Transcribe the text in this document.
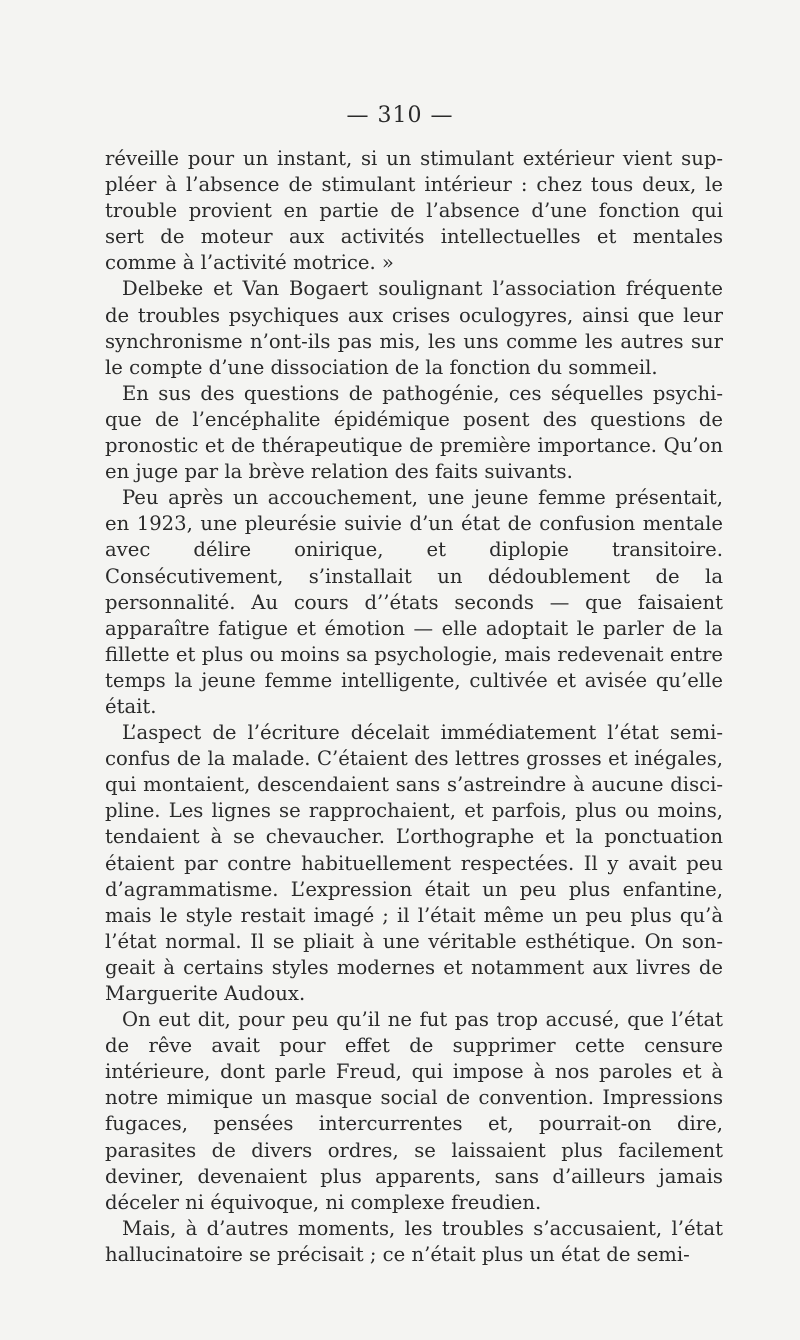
— 310 —

réveille pour un instant, si un stimulant extérieur vient suppléer à l’absence de stimulant intérieur : chez tous deux, le trouble provient en partie de l’absence d’une fonction qui sert de moteur aux activités intellectuelles et mentales comme à l’activité motrice. »

Delbeke et Van Bogaert soulignant l’association fréquente de troubles psychiques aux crises oculogyres, ainsi que leur synchronisme n’ont-ils pas mis, les uns comme les autres sur le compte d’une dissociation de la fonction du sommeil.

En sus des questions de pathogénie, ces séquelles psychique de l’encéphalite épidémique posent des questions de pronostic et de thérapeutique de première importance. Qu’on en juge par la brève relation des faits suivants.

Peu après un accouchement, une jeune femme présentait, en 1923, une pleurésie suivie d’un état de confusion mentale avec délire onirique, et diplopie transitoire. Consécutivement, s’installait un dédoublement de la personnalité. Au cours d’’états seconds — que faisaient apparaître fatigue et émotion — elle adoptait le parler de la fillette et plus ou moins sa psychologie, mais redevenait entre temps la jeune femme intelligente, cultivée et avisée qu’elle était.

L’aspect de l’écriture décelait immédiatement l’état semi-confus de la malade. C’étaient des lettres grosses et inégales, qui montaient, descendaient sans s’astreindre à aucune discipline. Les lignes se rapprochaient, et parfois, plus ou moins, tendaient à se chevaucher. L’orthographe et la ponctuation étaient par contre habituellement respectées. Il y avait peu d’agrammatisme. L’expression était un peu plus enfantine, mais le style restait imagé ; il l’était même un peu plus qu’à l’état normal. Il se pliait à une véritable esthétique. On songeait à certains styles modernes et notamment aux livres de Marguerite Audoux.

On eut dit, pour peu qu’il ne fut pas trop accusé, que l’état de rêve avait pour effet de supprimer cette censure intérieure, dont parle Freud, qui impose à nos paroles et à notre mimique un masque social de convention. Impressions fugaces, pensées intercurrentes et, pourrait-on dire, parasites de divers ordres, se laissaient plus facilement deviner, devenaient plus apparents, sans d’ailleurs jamais déceler ni équivoque, ni complexe freudien.

Mais, à d’autres moments, les troubles s’accusaient, l’état hallucinatoire se précisait ; ce n’était plus un état de semi-
